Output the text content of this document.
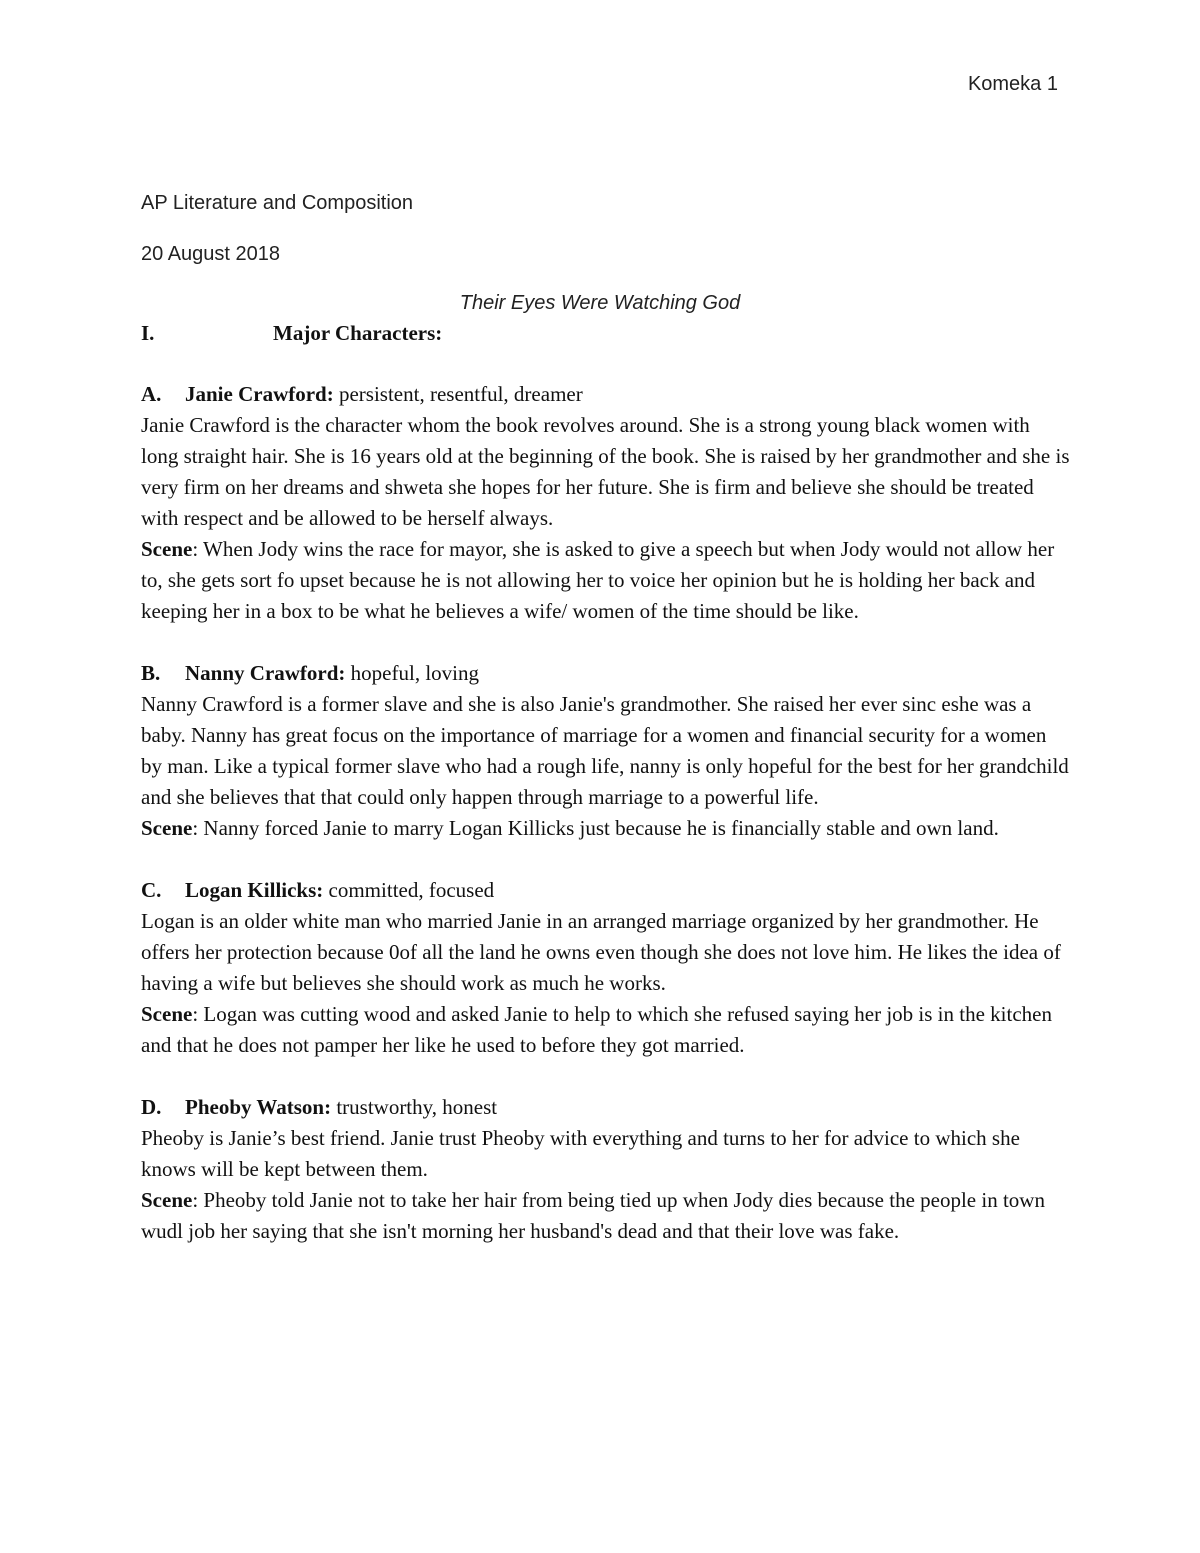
Komeka 1
AP Literature and Composition
20 August 2018
Their Eyes Were Watching God
I.	Major Characters:

A. Janie Crawford: persistent, resentful, dreamer

Janie Crawford is the character whom the book revolves around. She is a strong young black women with long straight hair. She is 16 years old at the beginning of the book. She is raised by her grandmother and she is very firm on her dreams and shweta she hopes for her future. She is firm and believe she should be treated with respect and be allowed to be herself always.

Scene: When Jody wins the race for mayor, she is asked to give a speech but when Jody would not allow her to, she gets sort fo upset because he is not allowing her to voice her opinion but he is holding her back and keeping her in a box to be what he believes a wife/ women of the time should be like.

B. Nanny Crawford: hopeful, loving

Nanny Crawford is a former slave and she is also Janie's grandmother. She raised her ever sinc eshe was a baby. Nanny has great focus on the importance of marriage for a women and financial security for a women by man. Like a typical former slave who had a rough life, nanny is only hopeful for the best for her grandchild and she believes that that could only happen through marriage to a powerful life.

Scene: Nanny forced Janie to marry Logan Killicks just because he is financially stable and own land.

C. Logan Killicks: committed, focused

Logan is an older white man who married Janie in an arranged marriage organized by her grandmother. He offers her protection because 0of all the land he owns even though she does not love him. He likes the idea of having a wife but believes she should work as much he works.

Scene: Logan was cutting wood and asked Janie to help to which she refused saying her job is in the kitchen and that he does not pamper her like he used to before they got married.

D. Pheoby Watson: trustworthy, honest

Pheoby is Janie’s best friend. Janie trust Pheoby with everything and turns to her for advice to which she knows will be kept between them.

Scene: Pheoby told Janie not to take her hair from being tied up when Jody dies because the people in town wudl job her saying that she isn't morning her husband's dead and that their love was fake.
